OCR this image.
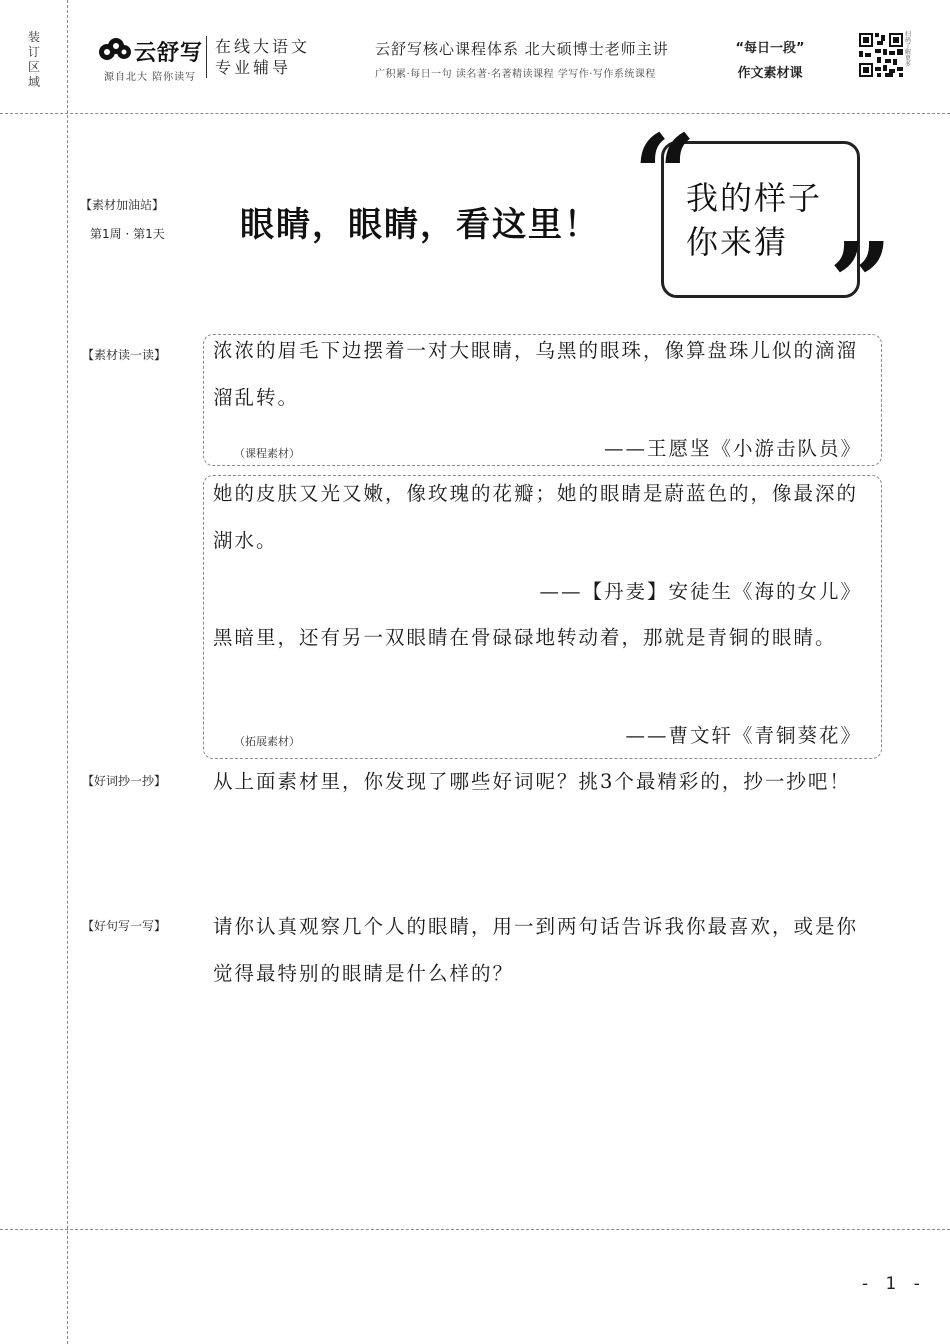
装订区域
云舒写
源自北大 陪你读写
在线大语文
专业辅导
云舒写核心课程体系 北大硕博士老师主讲
广积累·每日一句 读名著·名著精读课程 学写作·写作系统课程
“每日一段”
作文素材课
扫码了解更多
【素材加油站】
第1周 · 第1天 眼睛，眼睛，看这里！
我的样子
你来猜
“
”
【素材读一读】 浓浓的眉毛下边摆着一对大眼睛，乌黑的眼珠，像算盘珠儿似的滴溜溜乱转。
（课程素材）	——王愿坚《小游击队员》
她的皮肤又光又嫩，像玫瑰的花瓣；她的眼睛是蔚蓝色的，像最深的湖水。
——【丹麦】安徒生《海的女儿》
黑暗里，还有另一双眼睛在骨碌碌地转动着，那就是青铜的眼睛。
（拓展素材）	——曹文轩《青铜葵花》
【好词抄一抄】 从上面素材里，你发现了哪些好词呢？挑3个最精彩的，抄一抄吧！
【好句写一写】 请你认真观察几个人的眼睛，用一到两句话告诉我你最喜欢，或是你觉得最特别的眼睛是什么样的？
- 1 -
